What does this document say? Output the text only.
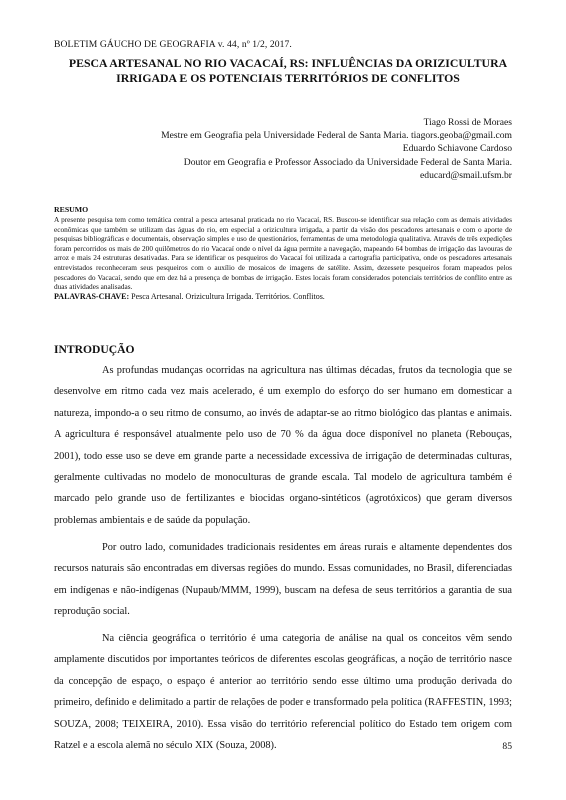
BOLETIM GÁUCHO DE GEOGRAFIA v. 44, nº 1/2, 2017.
PESCA ARTESANAL NO RIO VACACAÍ, RS: INFLUÊNCIAS DA ORIZICULTURA IRRIGADA E OS POTENCIAIS TERRITÓRIOS DE CONFLITOS
Tiago Rossi de Moraes
Mestre em Geografia pela Universidade Federal de Santa Maria. tiagors.geoba@gmail.com
Eduardo Schiavone Cardoso
Doutor em Geografia e Professor Associado da Universidade Federal de Santa Maria.
educard@smail.ufsm.br
RESUMO

A presente pesquisa tem como temática central a pesca artesanal praticada no rio Vacacaí, RS. Buscou-se identificar sua relação com as demais atividades econômicas que também se utilizam das águas do rio, em especial a orizicultura irrigada, a partir da visão dos pescadores artesanais e com o aporte de pesquisas bibliográficas e documentais, observação simples e uso de questionários, ferramentas de uma metodologia qualitativa. Através de três expedições foram percorridos os mais de 200 quilômetros do rio Vacacaí onde o nível da água permite a navegação, mapeando 64 bombas de irrigação das lavouras de arroz e mais 24 estruturas desativadas. Para se identificar os pesqueiros do Vacacaí foi utilizada a cartografia participativa, onde os pescadores artesanais entrevistados reconheceram seus pesqueiros com o auxílio de mosaicos de imagens de satélite. Assim, dezessete pesqueiros foram mapeados pelos pescadores do Vacacaí, sendo que em dez há a presença de bombas de irrigação. Estes locais foram considerados potenciais territórios de conflito entre as duas atividades analisadas.

PALAVRAS-CHAVE: Pesca Artesanal. Orizicultura Irrigada. Territórios. Conflitos.
INTRODUÇÃO

As profundas mudanças ocorridas na agricultura nas últimas décadas, frutos da tecnologia que se desenvolve em ritmo cada vez mais acelerado, é um exemplo do esforço do ser humano em domesticar a natureza, impondo-a o seu ritmo de consumo, ao invés de adaptar-se ao ritmo biológico das plantas e animais. A agricultura é responsável atualmente pelo uso de 70 % da água doce disponível no planeta (Rebouças, 2001), todo esse uso se deve em grande parte a necessidade excessiva de irrigação de determinadas culturas, geralmente cultivadas no modelo de monoculturas de grande escala. Tal modelo de agricultura também é marcado pelo grande uso de fertilizantes e biocidas organo-sintéticos (agrotóxicos) que geram diversos problemas ambientais e de saúde da população.

Por outro lado, comunidades tradicionais residentes em áreas rurais e altamente dependentes dos recursos naturais são encontradas em diversas regiões do mundo. Essas comunidades, no Brasil, diferenciadas em indígenas e não-indígenas (Nupaub/MMM, 1999), buscam na defesa de seus territórios a garantia de sua reprodução social.

Na ciência geográfica o território é uma categoria de análise na qual os conceitos vêm sendo amplamente discutidos por importantes teóricos de diferentes escolas geográficas, a noção de território nasce da concepção de espaço, o espaço é anterior ao território sendo esse último uma produção derivada do primeiro, definido e delimitado a partir de relações de poder e transformado pela política (RAFFESTIN, 1993; SOUZA, 2008; TEIXEIRA, 2010). Essa visão do território referencial político do Estado tem origem com Ratzel e a escola alemã no século XIX (Souza, 2008).	85
